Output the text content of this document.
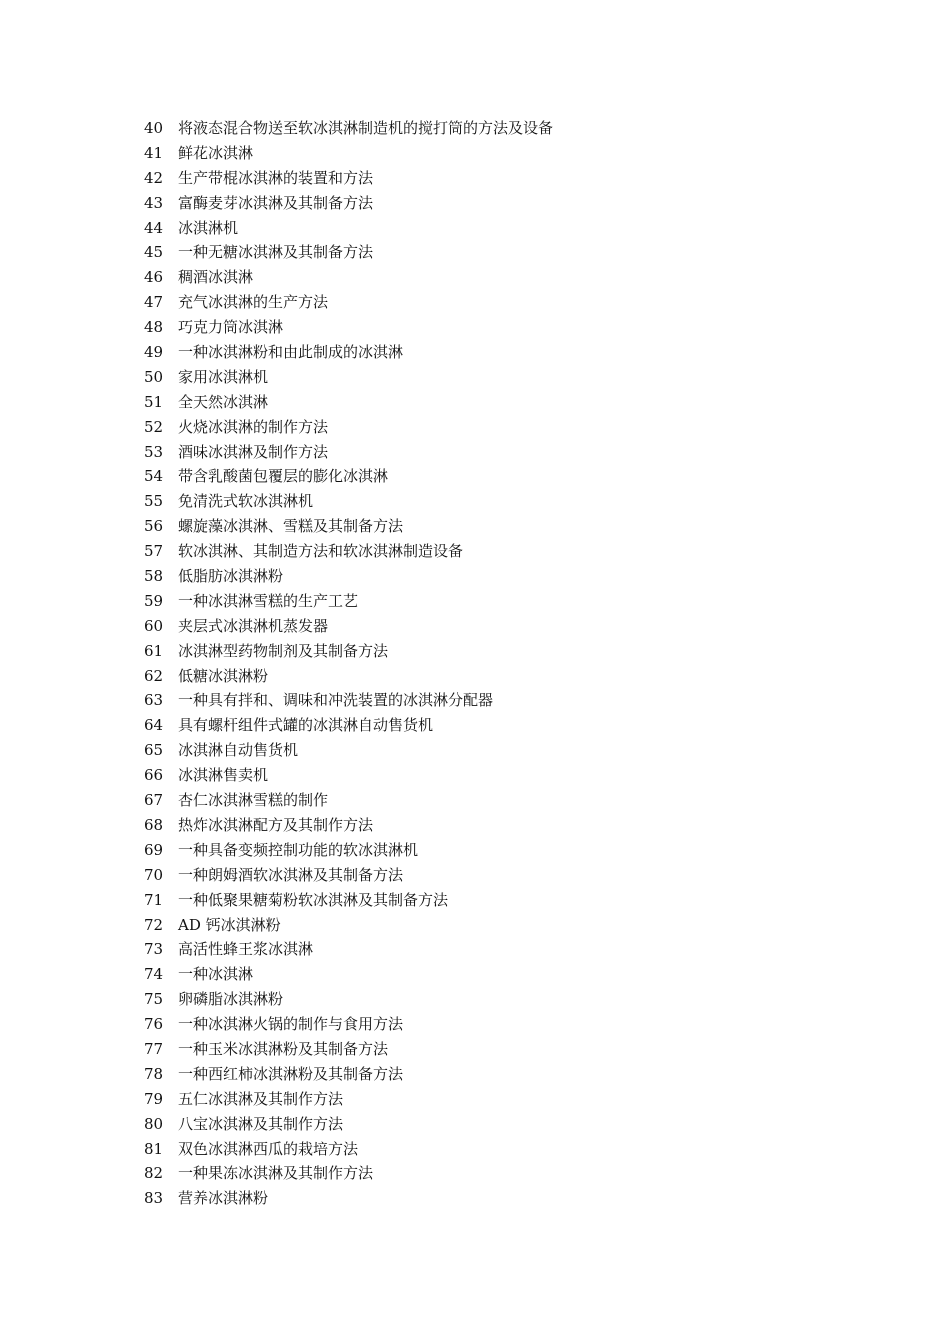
40 将液态混合物送至软冰淇淋制造机的搅打筒的方法及设备
41 鲜花冰淇淋
42 生产带棍冰淇淋的装置和方法
43 富酶麦芽冰淇淋及其制备方法
44 冰淇淋机
45 一种无糖冰淇淋及其制备方法
46 稠酒冰淇淋
47 充气冰淇淋的生产方法
48 巧克力筒冰淇淋
49 一种冰淇淋粉和由此制成的冰淇淋
50 家用冰淇淋机
51 全天然冰淇淋
52 火烧冰淇淋的制作方法
53 酒味冰淇淋及制作方法
54 带含乳酸菌包覆层的膨化冰淇淋
55 免清洗式软冰淇淋机
56 螺旋藻冰淇淋、雪糕及其制备方法
57 软冰淇淋、其制造方法和软冰淇淋制造设备
58 低脂肪冰淇淋粉
59 一种冰淇淋雪糕的生产工艺
60 夹层式冰淇淋机蒸发器
61 冰淇淋型药物制剂及其制备方法
62 低糖冰淇淋粉
63 一种具有拌和、调味和冲洗装置的冰淇淋分配器
64 具有螺杆组件式罐的冰淇淋自动售货机
65 冰淇淋自动售货机
66 冰淇淋售卖机
67 杏仁冰淇淋雪糕的制作
68 热炸冰淇淋配方及其制作方法
69 一种具备变频控制功能的软冰淇淋机
70 一种朗姆酒软冰淇淋及其制备方法
71 一种低聚果糖菊粉软冰淇淋及其制备方法
72 AD 钙冰淇淋粉
73 高活性蜂王浆冰淇淋
74 一种冰淇淋
75 卵磷脂冰淇淋粉
76 一种冰淇淋火锅的制作与食用方法
77 一种玉米冰淇淋粉及其制备方法
78 一种西红柿冰淇淋粉及其制备方法
79 五仁冰淇淋及其制作方法
80 八宝冰淇淋及其制作方法
81 双色冰淇淋西瓜的栽培方法
82 一种果冻冰淇淋及其制作方法
83 营养冰淇淋粉
